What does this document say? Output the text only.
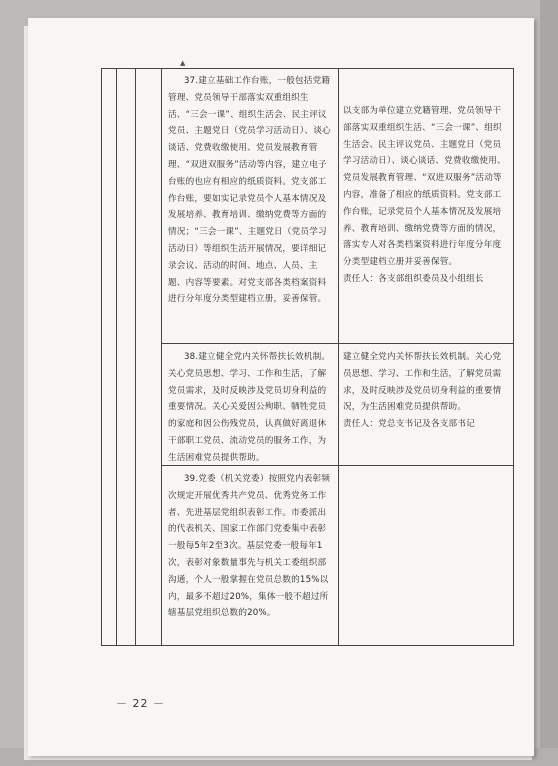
▲

37.建立基础工作台账，一般包括党籍管理、党员领导干部落实双重组织生活、“三会一课”、组织生活会、民主评议党员、主题党日（党员学习活动日）、谈心谈话、党费收缴使用、党员发展教育管理、“双进双服务”活动等内容，建立电子台账的也应有相应的纸质资料。党支部工作台账，要如实记录党员个人基本情况及发展培养、教育培训、缴纳党费等方面的情况；“三会一课”、主题党日（党员学习活动日）等组织生活开展情况，要详细记录会议、活动的时间、地点、人员、主题、内容等要素。对党支部各类档案资料进行分年度分类型建档立册，妥善保管。

以支部为单位建立党籍管理、党员领导干部落实双重组织生活、“三会一课”、组织生活会、民主评议党员、主题党日（党员学习活动日）、谈心谈话、党费收缴使用、党员发展教育管理、“双进双服务”活动等内容，准备了相应的纸质资料。党支部工作台账，记录党员个人基本情况及发展培养、教育培训、缴纳党费等方面的情况，落实专人对各类档案资料进行年度分年度分类型建档立册并妥善保管。

责任人：各支部组织委员及小组组长

38.建立健全党内关怀帮扶长效机制。关心党员思想、学习、工作和生活，了解党员需求，及时反映涉及党员切身利益的重要情况。关心关爱因公殉职、牺牲党员的家庭和因公伤残党员，认真做好离退休干部职工党员、流动党员的服务工作，为生活困难党员提供帮助。

建立健全党内关怀帮扶长效机制。关心党员思想、学习、工作和生活，了解党员需求，及时反映涉及党员切身利益的重要情况，为生活困难党员提供帮助。

责任人：党总支书记及各支部书记

39.党委（机关党委）按照党内表彰频次规定开展优秀共产党员、优秀党务工作者、先进基层党组织表彰工作。市委派出的代表机关、国家工作部门党委集中表彰一般每5年2至3次。基层党委一般每年1次，表彰对象数量事先与机关工委组织部沟通，个人一般掌握在党员总数的15%以内，最多不超过20%，集体一般不超过所辖基层党组织总数的20%。

－ 22 －
